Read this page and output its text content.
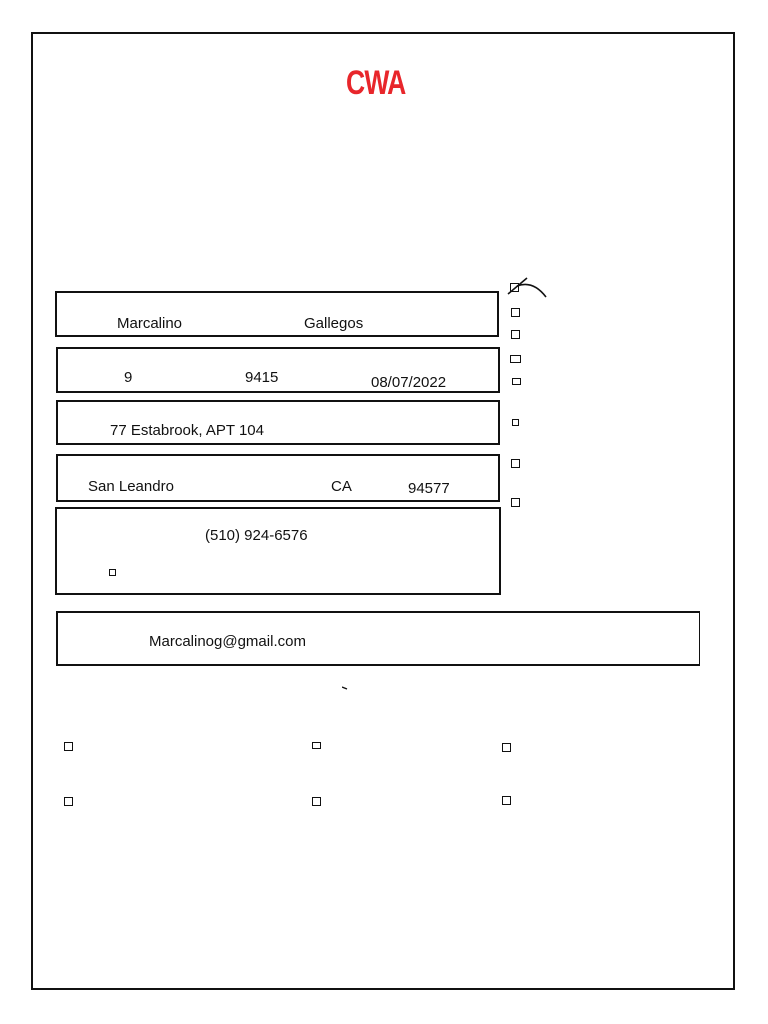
CWA
Marcalino	Gallegos
9	9415	08/07/2022
77 Estabrook, APT 104
San Leandro	CA	94577
(510) 924-6576
Marcalinog@gmail.com
